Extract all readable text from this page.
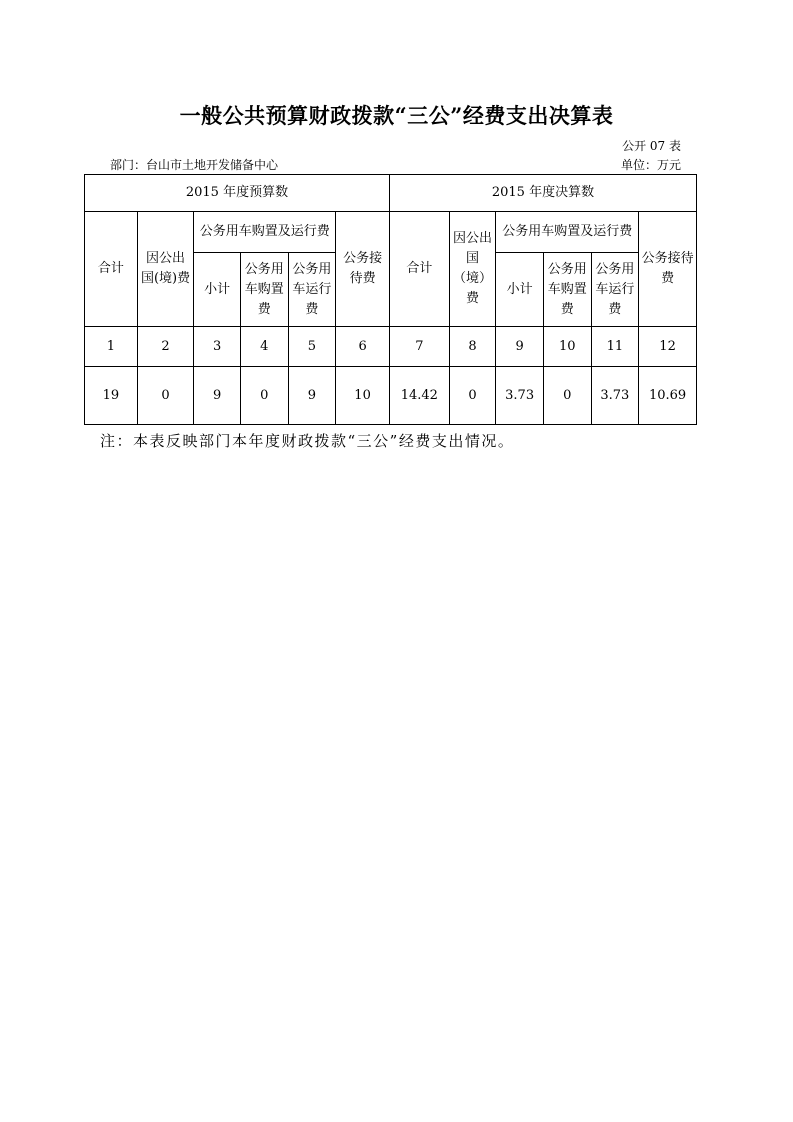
一般公共预算财政拨款“三公”经费支出决算表
公开 07 表
部门：台山市土地开发储备中心	单位：万元
2015 年度预算数						2015 年度决算数					
合计	因公出国(境)费	公务用车购置及运行费			公务接待费	合计	因公出国（境）费	公务用车购置及运行费			公务接待费
		小计	公务用车购置费	公务用车运行费				小计	公务用车购置费	公务用车运行费	
1	2	3	4	5	6	7	8	9	10	11	12
19	0	9	0	9	10	14.42	0	3.73	0	3.73	10.69
注：本表反映部门本年度财政拨款“三公”经费支出情况。
